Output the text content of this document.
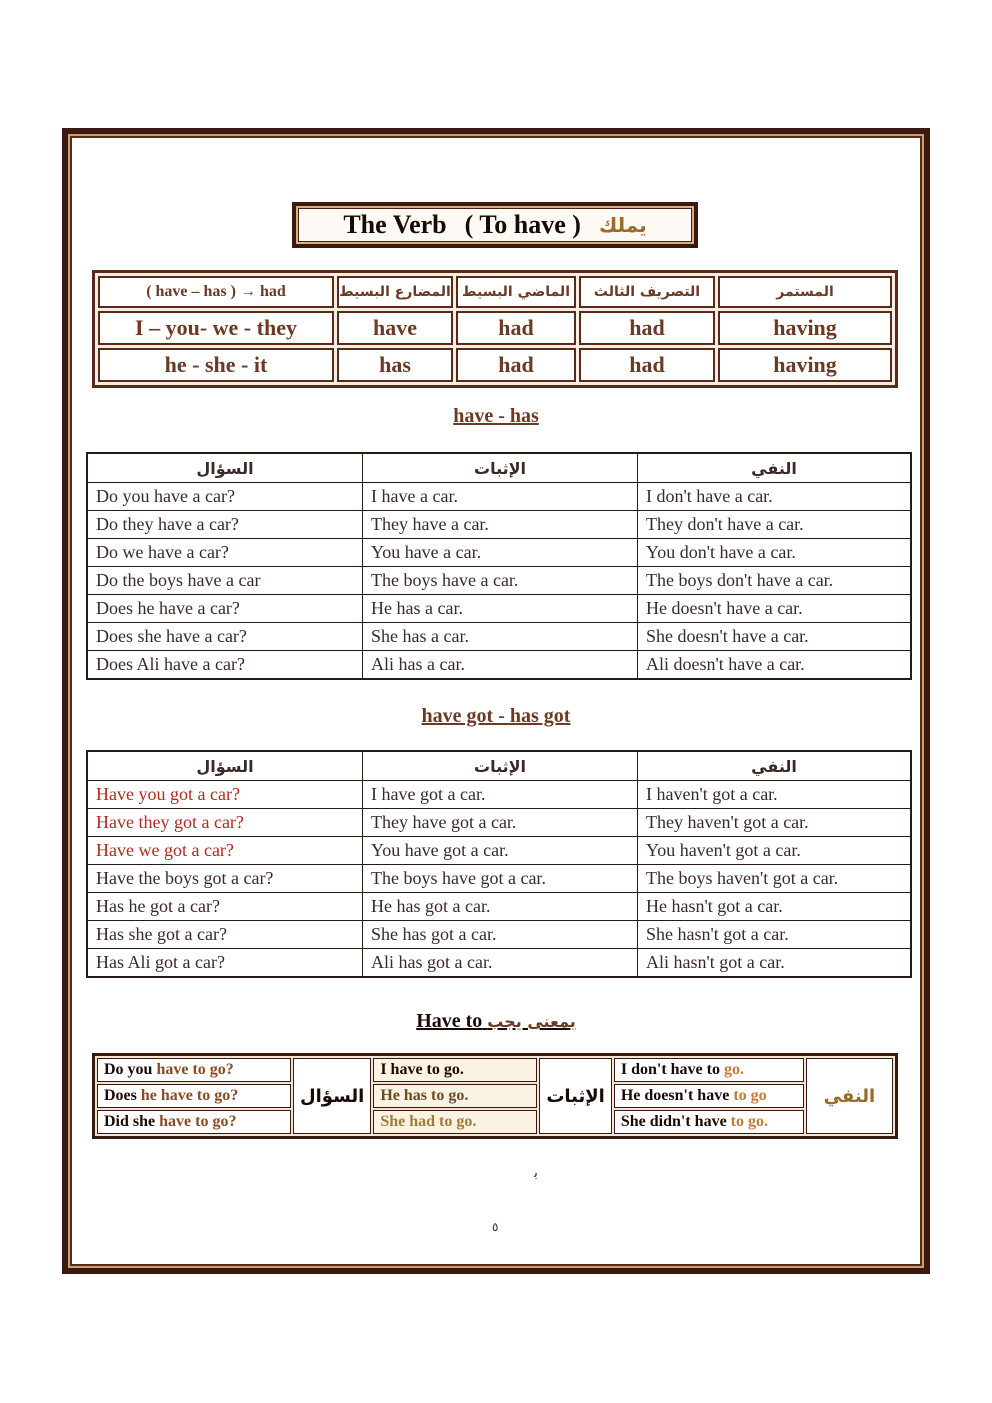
The Verb ( To have ) يملك
( have – has ) → had	المضارع البسيط	الماضي البسيط	التصريف الثالث	المستمر
I – you- we - they	have	had	had	having
he - she - it	has	had	had	having
have - has
السؤال	الإثبات	النفي
Do you have a car?	I have a car.	I don't have a car.
Do they have a car?	They have a car.	They don't have a car.
Do we have a car?	You have a car.	You don't have a car.
Do the boys have a car	The boys have a car.	The boys don't have a car.
Does he have a car?	He has a car.	He doesn't have a car.
Does she have a car?	She has a car.	She doesn't have a car.
Does Ali have a car?	Ali has a car.	Ali doesn't have a car.
have got - has got
السؤال	الإثبات	النفي
Have you got a car?	I have got a car.	I haven't got a car.
Have they got a car?	They have got a car.	They haven't got a car.
Have we got a car?	You have got a car.	You haven't got a car.
Have the boys got a car?	The boys have got a car.	The boys haven't got a car.
Has he got a car?	He has got a car.	He hasn't got a car.
Has she got a car?	She has got a car.	She hasn't got a car.
Has Ali got a car?	Ali has got a car.	Ali hasn't got a car.
Have to بمعنى يجب
Do you have to go?	السؤال	I have to go.	الإثبات	I don't have to go.	النفي
Does he have to go?		He has to go.		He doesn't have to go	
Did she have to go?		She had to go.		She didn't have to go.	
ﺑ
٥
